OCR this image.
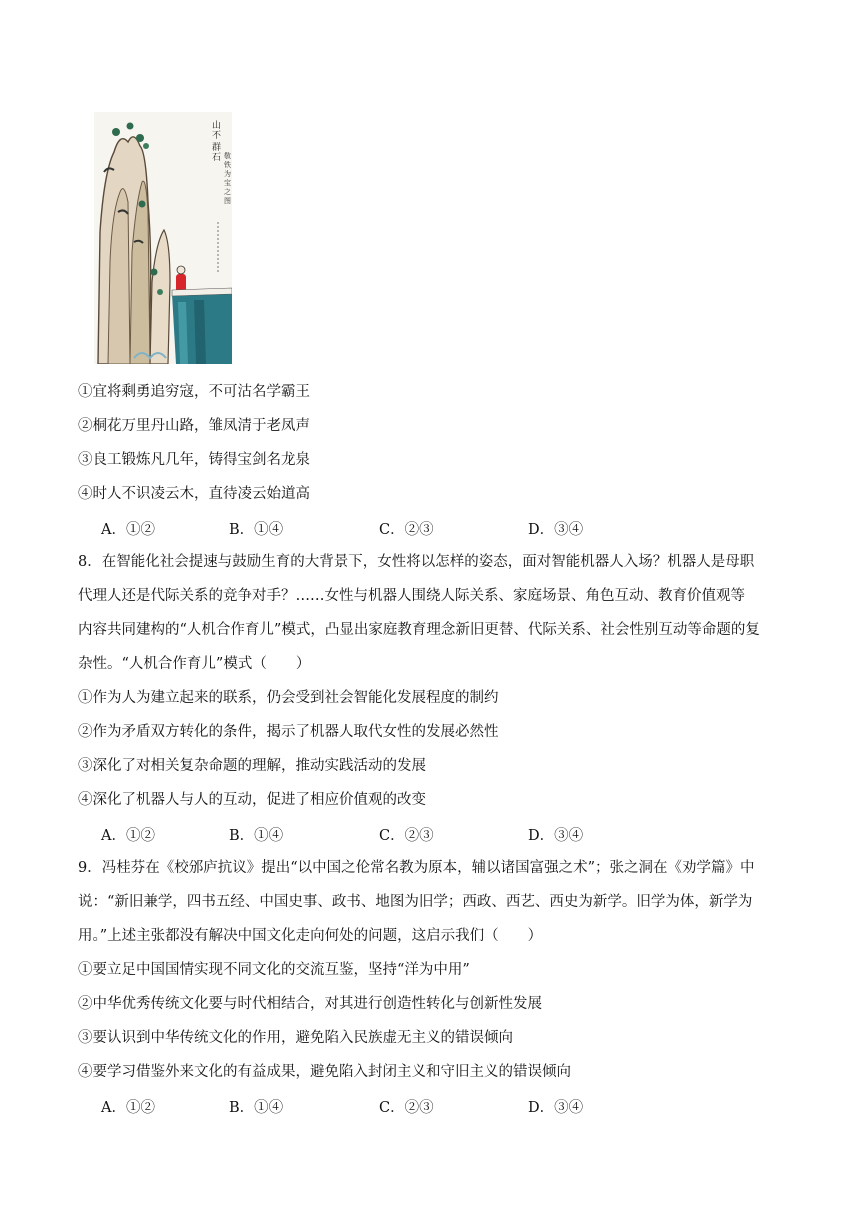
山不群石 敬铁为宝之图
①宜将剩勇追穷寇，不可沽名学霸王
②桐花万里丹山路，雏凤清于老凤声
③良工锻炼凡几年，铸得宝剑名龙泉
④时人不识凌云木，直待凌云始道高
A．①②	B．①④	C．②③	D．③④
8．在智能化社会提速与鼓励生育的大背景下，女性将以怎样的姿态，面对智能机器人入场？机器人是母职
代理人还是代际关系的竞争对手？……女性与机器人围绕人际关系、家庭场景、角色互动、教育价值观等
内容共同建构的“人机合作育儿”模式，凸显出家庭教育理念新旧更替、代际关系、社会性别互动等命题的复
杂性。“人机合作育儿”模式（　　）
①作为人为建立起来的联系，仍会受到社会智能化发展程度的制约
②作为矛盾双方转化的条件，揭示了机器人取代女性的发展必然性
③深化了对相关复杂命题的理解，推动实践活动的发展
④深化了机器人与人的互动，促进了相应价值观的改变
A．①②	B．①④	C．②③	D．③④
9．冯桂芬在《校邠庐抗议》提出“以中国之伦常名教为原本，辅以诸国富强之术”；张之洞在《劝学篇》中
说：“新旧兼学，四书五经、中国史事、政书、地图为旧学；西政、西艺、西史为新学。旧学为体，新学为
用。”上述主张都没有解决中国文化走向何处的问题，这启示我们（　　）
①要立足中国国情实现不同文化的交流互鉴，坚持“洋为中用”
②中华优秀传统文化要与时代相结合，对其进行创造性转化与创新性发展
③要认识到中华传统文化的作用，避免陷入民族虚无主义的错误倾向
④要学习借鉴外来文化的有益成果，避免陷入封闭主义和守旧主义的错误倾向
A．①②	B．①④	C．②③	D．③④
